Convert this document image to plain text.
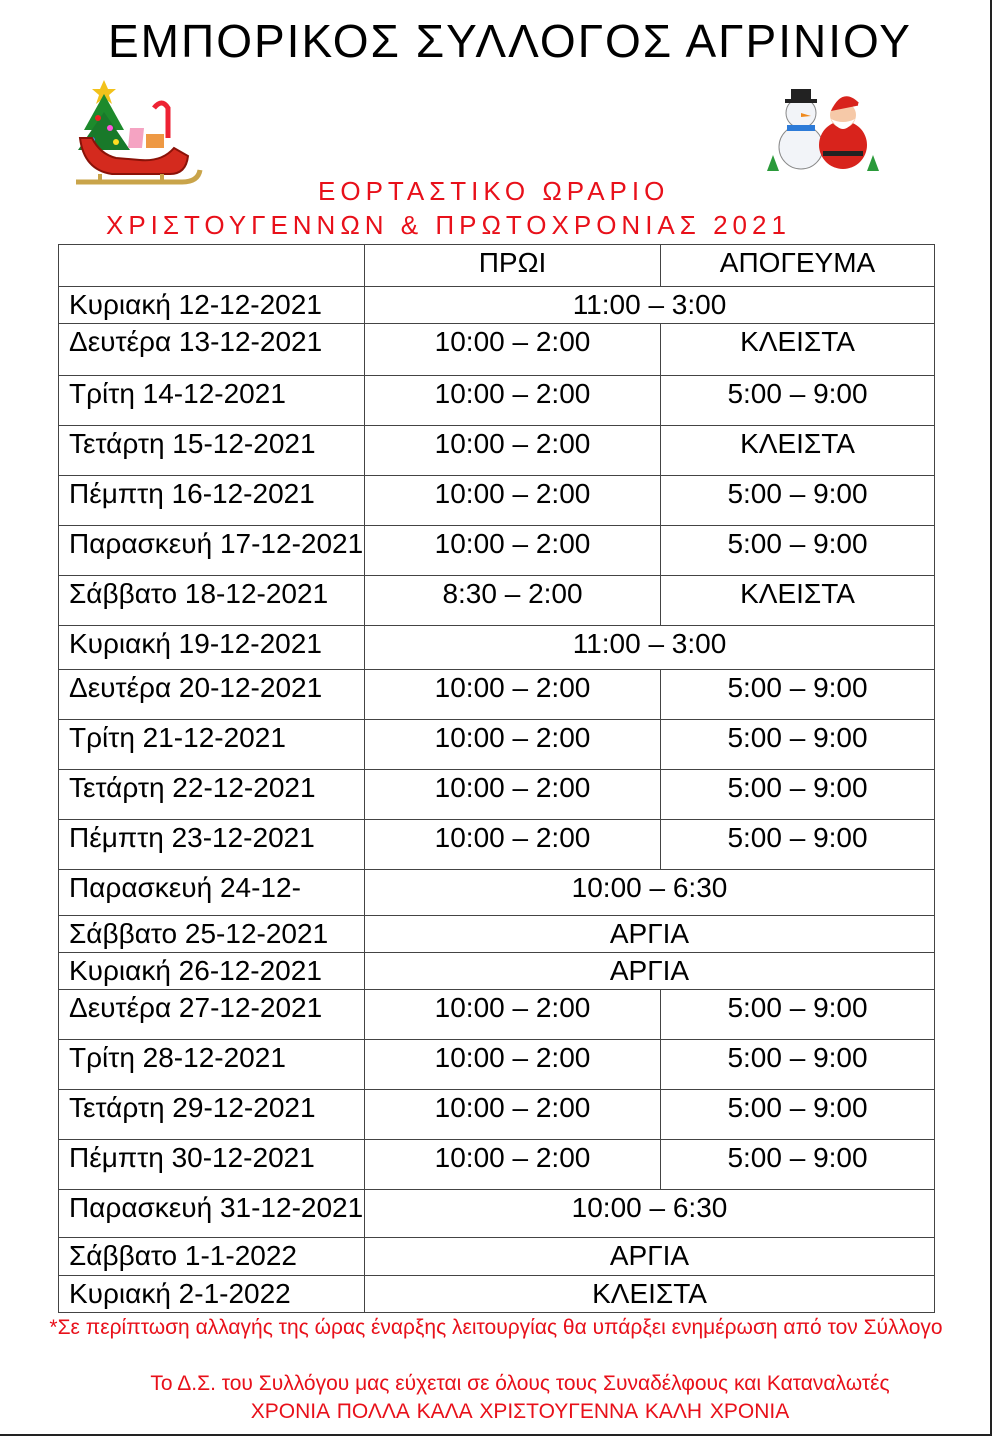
ΕΜΠΟΡΙΚΟΣ ΣΥΛΛΟΓΟΣ ΑΓΡΙΝΙΟΥ
ΕΟΡΤΑΣΤΙΚΟ ΩΡΑΡΙΟ
ΧΡΙΣΤΟΥΓΕΝΝΩΝ & ΠΡΩΤΟΧΡΟΝΙΑΣ 2021
	ΠΡΩΙ	ΑΠΟΓΕΥΜΑ
Κυριακή 12-12-2021	11:00 – 3:00	
Δευτέρα 13-12-2021	10:00 – 2:00	ΚΛΕΙΣΤΑ
Τρίτη 14-12-2021	10:00 – 2:00	5:00 – 9:00
Τετάρτη 15-12-2021	10:00 – 2:00	ΚΛΕΙΣΤΑ
Πέμπτη 16-12-2021	10:00 – 2:00	5:00 – 9:00
Παρασκευή 17-12-2021	10:00 – 2:00	5:00 – 9:00
Σάββατο 18-12-2021	8:30 – 2:00	ΚΛΕΙΣΤΑ
Κυριακή 19-12-2021	11:00 – 3:00	
Δευτέρα 20-12-2021	10:00 – 2:00	5:00 – 9:00
Τρίτη 21-12-2021	10:00 – 2:00	5:00 – 9:00
Τετάρτη 22-12-2021	10:00 – 2:00	5:00 – 9:00
Πέμπτη 23-12-2021	10:00 – 2:00	5:00 – 9:00
Παρασκευή 24-12-	10:00 – 6:30	
Σάββατο 25-12-2021	ΑΡΓΙΑ	
Κυριακή 26-12-2021	ΑΡΓΙΑ	
Δευτέρα 27-12-2021	10:00 – 2:00	5:00 – 9:00
Τρίτη 28-12-2021	10:00 – 2:00	5:00 – 9:00
Τετάρτη 29-12-2021	10:00 – 2:00	5:00 – 9:00
Πέμπτη 30-12-2021	10:00 – 2:00	5:00 – 9:00
Παρασκευή 31-12-2021	10:00 – 6:30	
Σάββατο 1-1-2022	ΑΡΓΙΑ	
Κυριακή 2-1-2022	ΚΛΕΙΣΤΑ	
*Σε περίπτωση αλλαγής της ώρας έναρξης λειτουργίας θα υπάρξει ενημέρωση από τον Σύλλογο
Το Δ.Σ. του Συλλόγου μας εύχεται σε όλους τους Συναδέλφους και Καταναλωτές
ΧΡΟΝΙΑ ΠΟΛΛΑ ΚΑΛΑ ΧΡΙΣΤΟΥΓΕΝΝΑ ΚΑΛΗ ΧΡΟΝΙΑ
